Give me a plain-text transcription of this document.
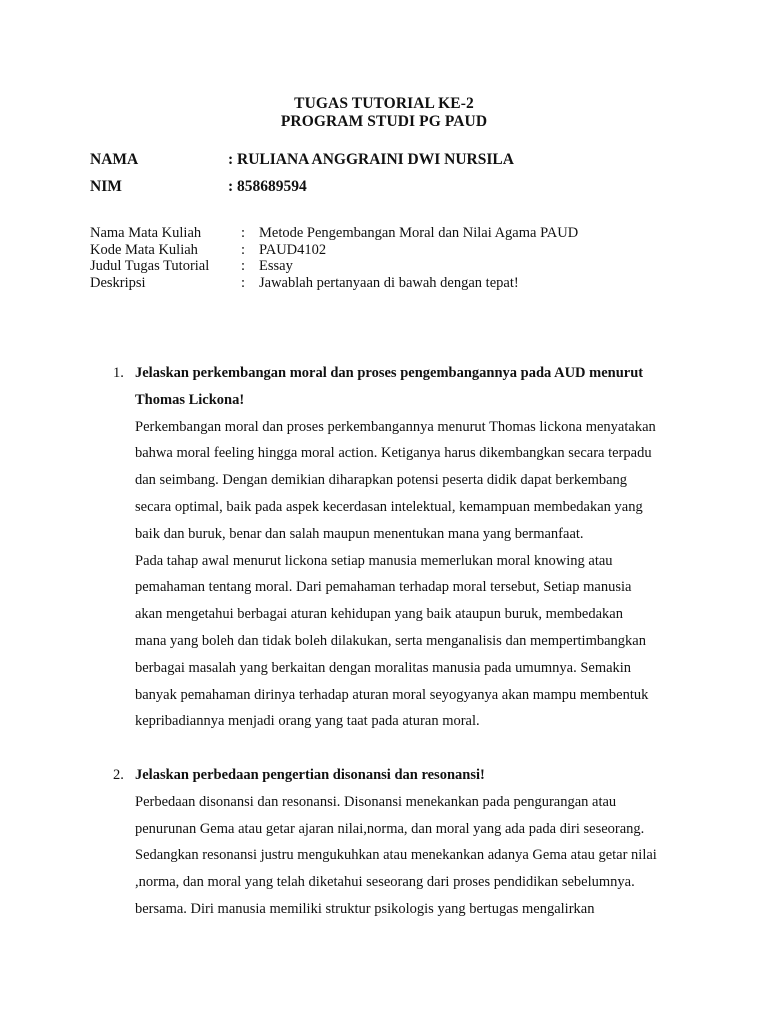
TUGAS TUTORIAL KE-2
PROGRAM STUDI PG PAUD
NAMA	: RULIANA ANGGRAINI DWI NURSILA
NIM	: 858689594
Nama Mata Kuliah	: Metode Pengembangan Moral dan Nilai Agama PAUD
Kode Mata Kuliah	: PAUD4102
Judul Tugas Tutorial : Essay
Deskripsi	: Jawablah pertanyaan di bawah dengan tepat!
1. Jelaskan perkembangan moral dan proses pengembangannya pada AUD menurut
Thomas Lickona!
Perkembangan moral dan proses perkembangannya menurut Thomas lickona menyatakan
bahwa moral feeling hingga moral action. Ketiganya harus dikembangkan secara terpadu
dan seimbang. Dengan demikian diharapkan potensi peserta didik dapat berkembang
secara optimal, baik pada aspek kecerdasan intelektual, kemampuan membedakan yang
baik dan buruk, benar dan salah maupun menentukan mana yang bermanfaat.
Pada tahap awal menurut lickona setiap manusia memerlukan moral knowing atau
pemahaman tentang moral. Dari pemahaman terhadap moral tersebut, Setiap manusia
akan mengetahui berbagai aturan kehidupan yang baik ataupun buruk, membedakan
mana yang boleh dan tidak boleh dilakukan, serta menganalisis dan mempertimbangkan
berbagai masalah yang berkaitan dengan moralitas manusia pada umumnya. Semakin
banyak pemahaman dirinya terhadap aturan moral seyogyanya akan mampu membentuk
kepribadiannya menjadi orang yang taat pada aturan moral.
2. Jelaskan perbedaan pengertian disonansi dan resonansi!
Perbedaan disonansi dan resonansi. Disonansi menekankan pada pengurangan atau
penurunan Gema atau getar ajaran nilai,norma, dan moral yang ada pada diri seseorang.
Sedangkan resonansi justru mengukuhkan atau menekankan adanya Gema atau getar nilai
,norma, dan moral yang telah diketahui seseorang dari proses pendidikan sebelumnya.
bersama. Diri manusia memiliki struktur psikologis yang bertugas mengalirkan
